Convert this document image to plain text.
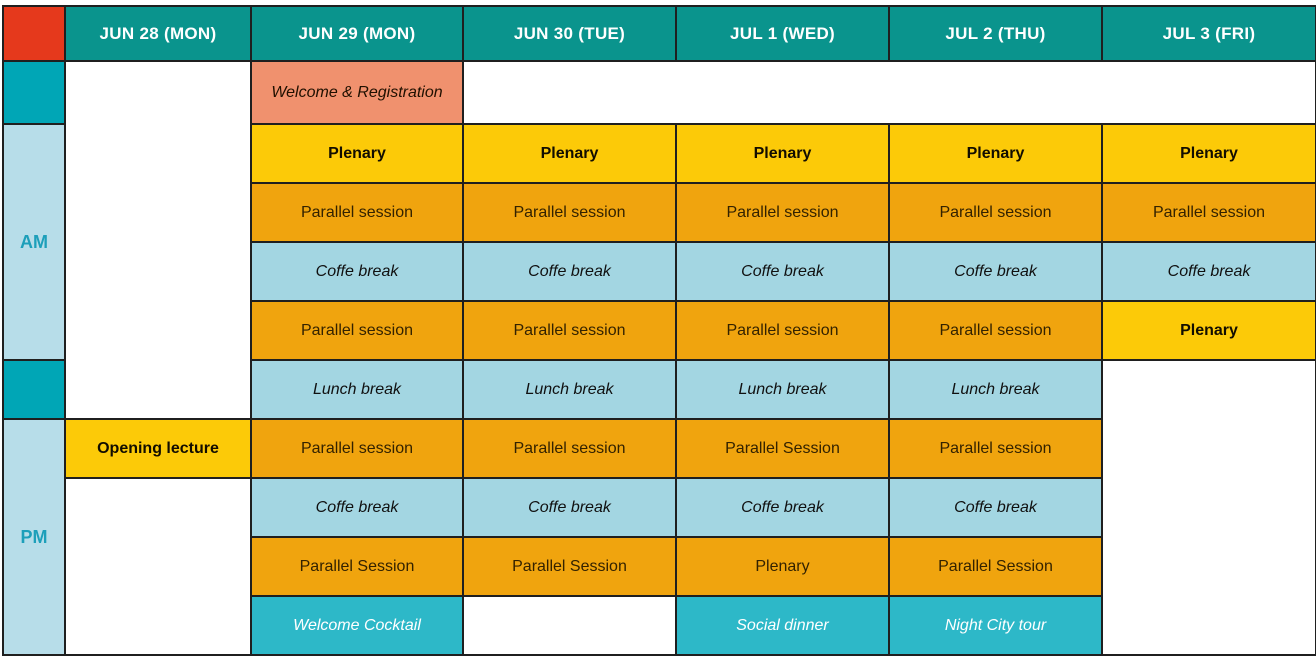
	JUN 28 (MON)	JUN 29 (MON)	JUN 30 (TUE)	JUL 1 (WED)	JUL 2 (THU)	JUL 3 (FRI)
		Welcome & Registration				
AM		Plenary	Plenary	Plenary	Plenary	Plenary
		Parallel session	Parallel session	Parallel session	Parallel session	Parallel session
		Coffe break	Coffe break	Coffe break	Coffe break	Coffe break
		Parallel session	Parallel session	Parallel session	Parallel session	Plenary
		Lunch break	Lunch break	Lunch break	Lunch break	
PM	Opening lecture	Parallel session	Parallel session	Parallel Session	Parallel session	
		Coffe break	Coffe break	Coffe break	Coffe break	
		Parallel Session	Parallel Session	Plenary	Parallel Session	
		Welcome Cocktail		Social dinner	Night City tour	
